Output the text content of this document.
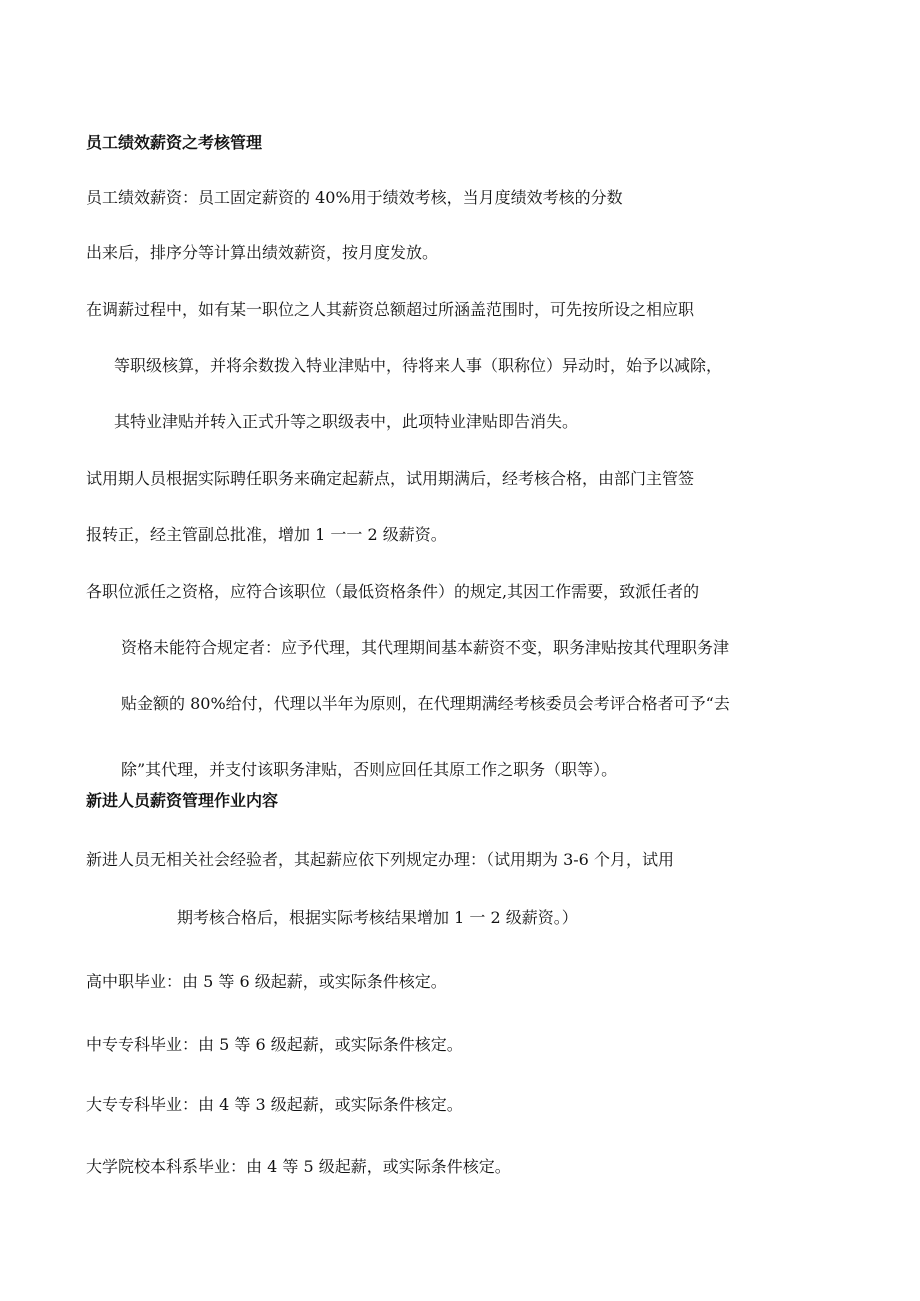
员工绩效薪资之考核管理
员工绩效薪资：员工固定薪资的 40%用于绩效考核，当月度绩效考核的分数
出来后，排序分等计算出绩效薪资，按月度发放。
在调薪过程中，如有某一职位之人其薪资总额超过所涵盖范围时，可先按所设之相应职
等职级核算，并将余数拨入特业津贴中，待将来人事（职称位）异动时，始予以减除，
其特业津贴并转入正式升等之职级表中，此项特业津贴即告消失。
试用期人员根据实际聘任职务来确定起薪点，试用期满后，经考核合格，由部门主管签
报转正，经主管副总批准，增加 1 一一 2 级薪资。
各职位派任之资格，应符合该职位（最低资格条件）的规定,其因工作需要，致派任者的
资格未能符合规定者：应予代理，其代理期间基本薪资不变，职务津贴按其代理职务津
贴金额的 80%给付，代理以半年为原则，在代理期满经考核委员会考评合格者可予“去
除”其代理，并支付该职务津贴，否则应回任其原工作之职务（职等）。
新进人员薪资管理作业内容
新进人员无相关社会经验者，其起薪应依下列规定办理：（试用期为 3-6 个月，试用
期考核合格后，根据实际考核结果增加 1 一 2 级薪资。）
高中职毕业：由 5 等 6 级起薪，或实际条件核定。
中专专科毕业：由 5 等 6 级起薪，或实际条件核定。
大专专科毕业：由 4 等 3 级起薪，或实际条件核定。
大学院校本科系毕业：由 4 等 5 级起薪，或实际条件核定。
